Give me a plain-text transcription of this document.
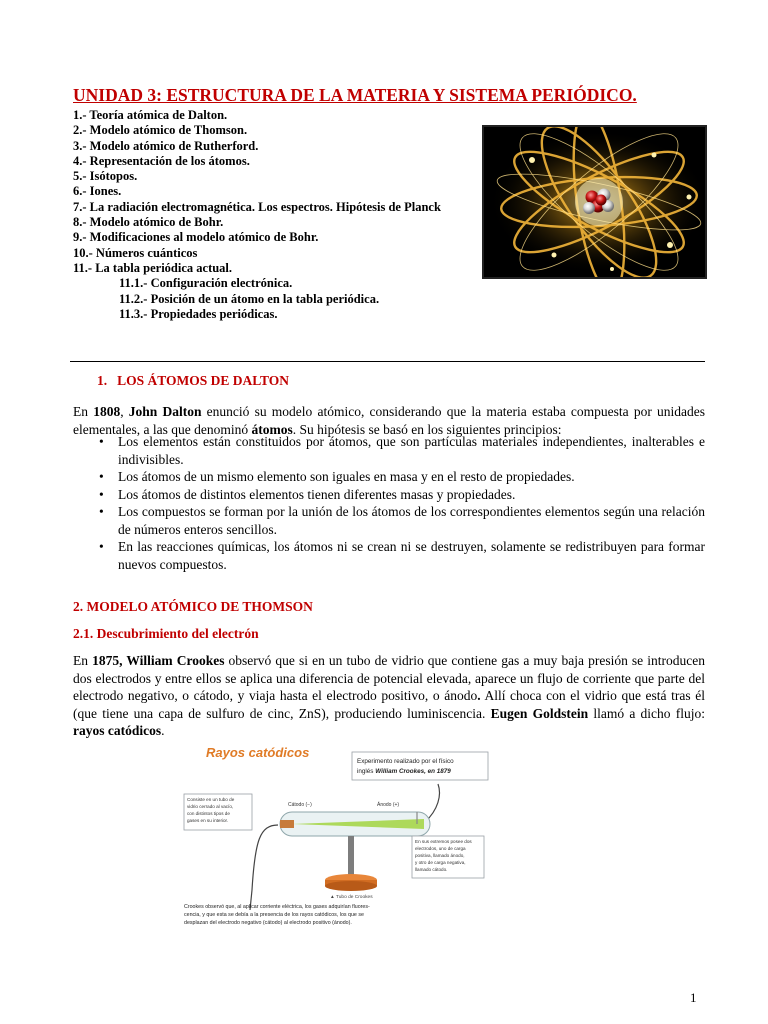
UNIDAD 3: ESTRUCTURA DE LA MATERIA Y SISTEMA PERIÓDICO.
1.- Teoría atómica de Dalton.
2.- Modelo atómico de Thomson.
3.- Modelo atómico de Rutherford.
4.- Representación de los átomos.
5.- Isótopos.
6.- Iones.
7.- La radiación electromagnética. Los espectros. Hipótesis de Planck
8.- Modelo atómico de Bohr.
9.- Modificaciones al modelo atómico de Bohr.
10.- Números cuánticos
11.- La tabla periódica actual.
11.1.- Configuración electrónica.
11.2.- Posición de un átomo en la tabla periódica.
11.3.- Propiedades periódicas.
1. LOS ÁTOMOS DE DALTON
En 1808, John Dalton enunció su modelo atómico, considerando que la materia estaba compuesta por unidades elementales, a las que denominó átomos. Su hipótesis se basó en los siguientes principios:
• Los elementos están constituidos por átomos, que son partículas materiales independientes, inalterables e indivisibles.
• Los átomos de un mismo elemento son iguales en masa y en el resto de propiedades.
• Los átomos de distintos elementos tienen diferentes masas y propiedades.
• Los compuestos se forman por la unión de los átomos de los correspondientes elementos según una relación de números enteros sencillos.
• En las reacciones químicas, los átomos ni se crean ni se destruyen, solamente se redistribuyen para formar nuevos compuestos.
2. MODELO ATÓMICO DE THOMSON
2.1. Descubrimiento del electrón
En 1875, William Crookes observó que si en un tubo de vidrio que contiene gas a muy baja presión se introducen dos electrodos y entre ellos se aplica una diferencia de potencial elevada, aparece un flujo de corriente que parte del electrodo negativo, o cátodo, y viaja hasta el electrodo positivo, o ánodo. Allí choca con el vidrio que está tras él (que tiene una capa de sulfuro de cinc, ZnS), produciendo luminiscencia. Eugen Goldstein llamó a dicho flujo: rayos catódicos.
Rayos catódicos
Experimento realizado por el físico
inglés William Crookes, en 1879
Consiste en un tubo de
vidrio cerrado al vacío,
con distintos tipos de
gases en su interior.
Cátodo (−)	Ánodo (+)
En sus extremos posee dos
electrodos, uno de carga
positiva, llamado ánodo,
y otro de carga negativa,
llamado cátodo.
▲ Tubo de Crookes
Crookes observó que, al aplicar corriente eléctrica, los gases adquirían fluores-
cencia, y que esta se debía a la presencia de los rayos catódicos, los que se
desplazan del electrodo negativo (cátodo) al electrodo positivo (ánodo).
1
